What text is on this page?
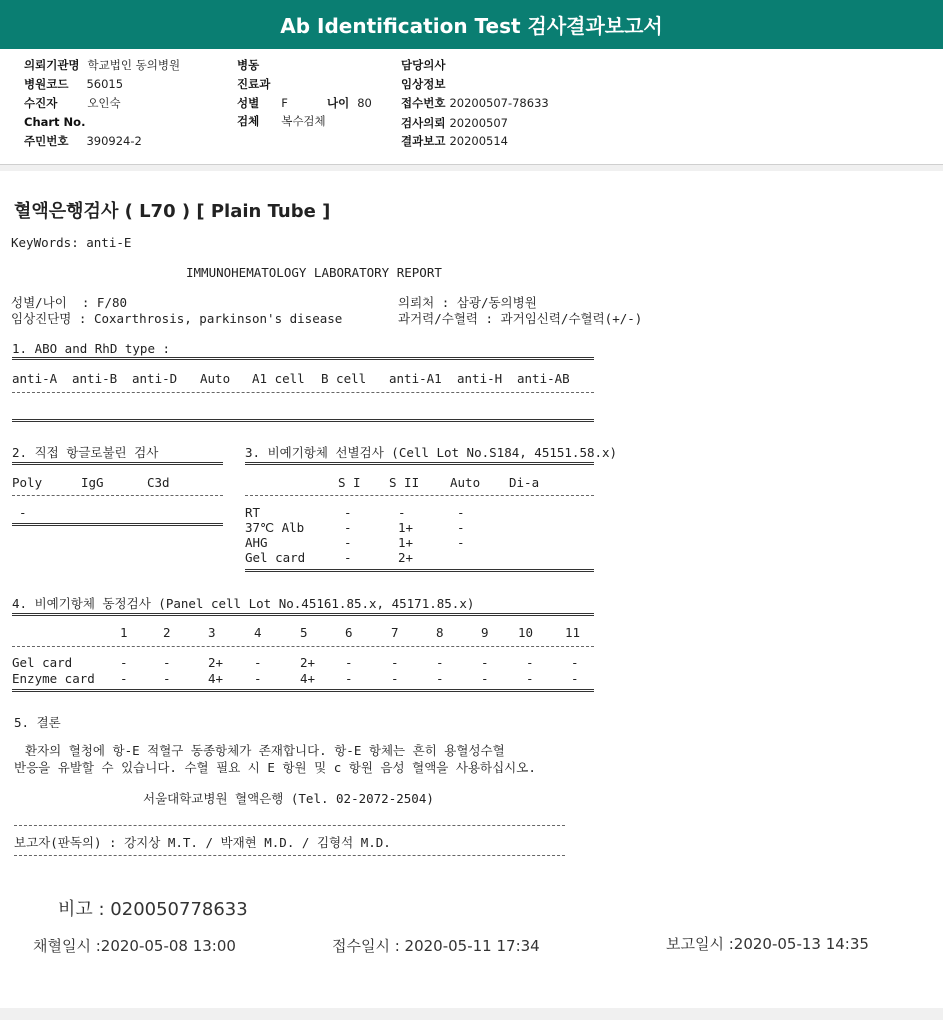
Ab Identification Test 검사결과보고서
의뢰기관명 학교법인 동의병원
병원코드 56015
수진자	오인숙
Chart No.
주민번호 390924-2
병동
진료과
성별 F	나이 80
검체 복수검체
담당의사
임상정보
접수번호 20200507-78633
검사의뢰 20200507
결과보고 20200514
혈액은행검사 ( L70 ) [ Plain Tube ]
KeyWords: anti-E
IMMUNOHEMATOLOGY LABORATORY REPORT
성별/나이  : F/80
임상진단명 : Coxarthrosis, parkinson's disease
의뢰처 : 삼광/동의병원
과거력/수혈력 : 과거임신력/수혈력(+/-)
1. ABO and RhD type :
anti-A anti-B anti-D Auto A1 cell B cell anti-A1 anti-H anti-AB
2. 직접 항글로불린 검사
Poly	IgG	C3d
-
3. 비예기항체 선별검사 (Cell Lot No.S184, 45151.58.x)
S I S II Auto Di-a
RT	-	-	-
37℃ Alb	-	1+	-
AHG	-	1+	-
Gel card	-	2+
4. 비예기항체 동정검사 (Panel cell Lot No.45161.85.x, 45171.85.x)
1	2	3	4	5	6	7	8	9 10	11
Gel card	-	-	2+ -	2+ -	-	-	-	-	-
Enzyme card -	-	4+ -	4+ -	-	-	-	-	-
5. 결론
환자의 혈청에 항-E 적혈구 동종항체가 존재합니다. 항-E 항체는 흔히 용혈성수혈
반응을 유발할 수 있습니다. 수혈 필요 시 E 항원 및 c 항원 음성 혈액을 사용하십시오.
서울대학교병원 혈액은행 (Tel. 02-2072-2504)
보고자(판독의) : 강지상 M.T. / 박재현 M.D. / 김형석 M.D.
비고 : 020050778633
채혈일시 :2020-05-08 13:00	접수일시 : 2020-05-11 17:34	보고일시 :2020-05-13 14:35
